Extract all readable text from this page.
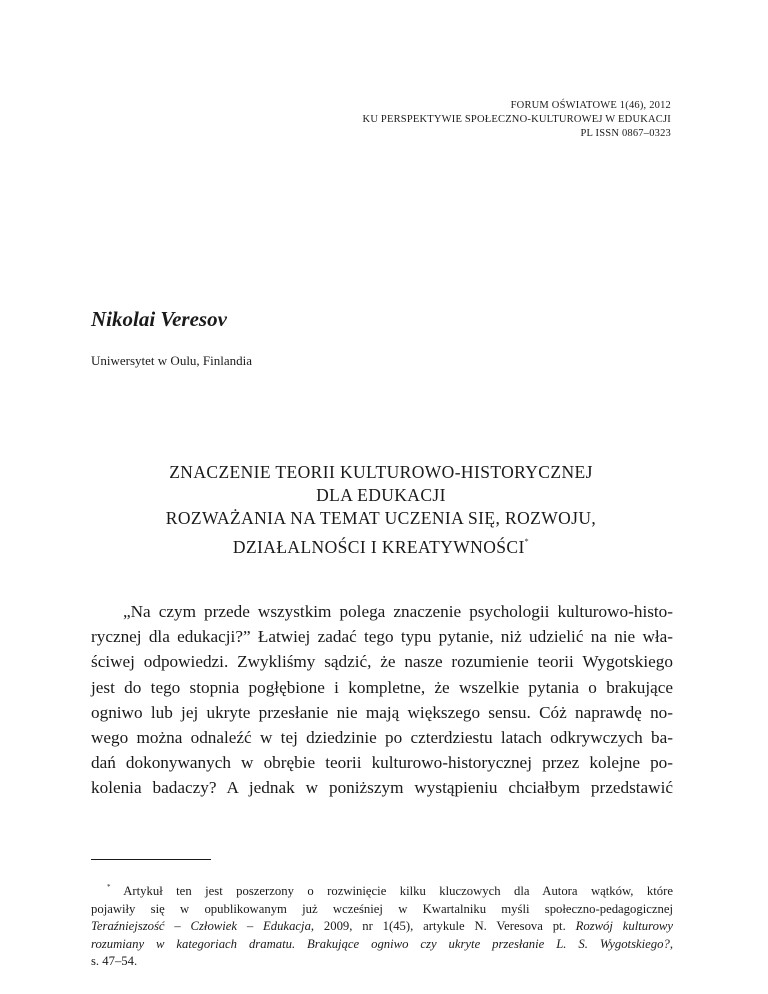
FORUM OŚWIATOWE 1(46), 2012
KU PERSPEKTYWIE SPOŁECZNO-KULTUROWEJ W EDUKACJI
PL ISSN 0867–0323
Nikolai Veresov
Uniwersytet w Oulu, Finlandia
ZNACZENIE TEORII KULTUROWO-HISTORYCZNEJ
DLA EDUKACJI
ROZWAŻANIA NA TEMAT UCZENIA SIĘ, ROZWOJU,
DZIAŁALNOŚCI I KREATYWNOŚCI*
„Na czym przede wszystkim polega znaczenie psychologii kulturowo-histo-
rycznej dla edukacji?” Łatwiej zadać tego typu pytanie, niż udzielić na nie wła-
ściwej odpowiedzi. Zwykliśmy sądzić, że nasze rozumienie teorii Wygotskiego
jest do tego stopnia pogłębione i kompletne, że wszelkie pytania o brakujące
ogniwo lub jej ukryte przesłanie nie mają większego sensu. Cóż naprawdę no-
wego można odnaleźć w tej dziedzinie po czterdziestu latach odkrywczych ba-
dań dokonywanych w obrębie teorii kulturowo-historycznej przez kolejne po-
kolenia badaczy? A jednak w poniższym wystąpieniu chciałbym przedstawić
* Artykuł ten jest poszerzony o rozwinięcie kilku kluczowych dla Autora wątków, które
pojawiły się w opublikowanym już wcześniej w Kwartalniku myśli społeczno-pedagogicznej
Teraźniejszość – Człowiek – Edukacja, 2009, nr 1(45), artykule N. Veresova pt. Rozwój kulturowy
rozumiany w kategoriach dramatu. Brakujące ogniwo czy ukryte przesłanie L. S. Wygotskiego?,
s. 47–54.
